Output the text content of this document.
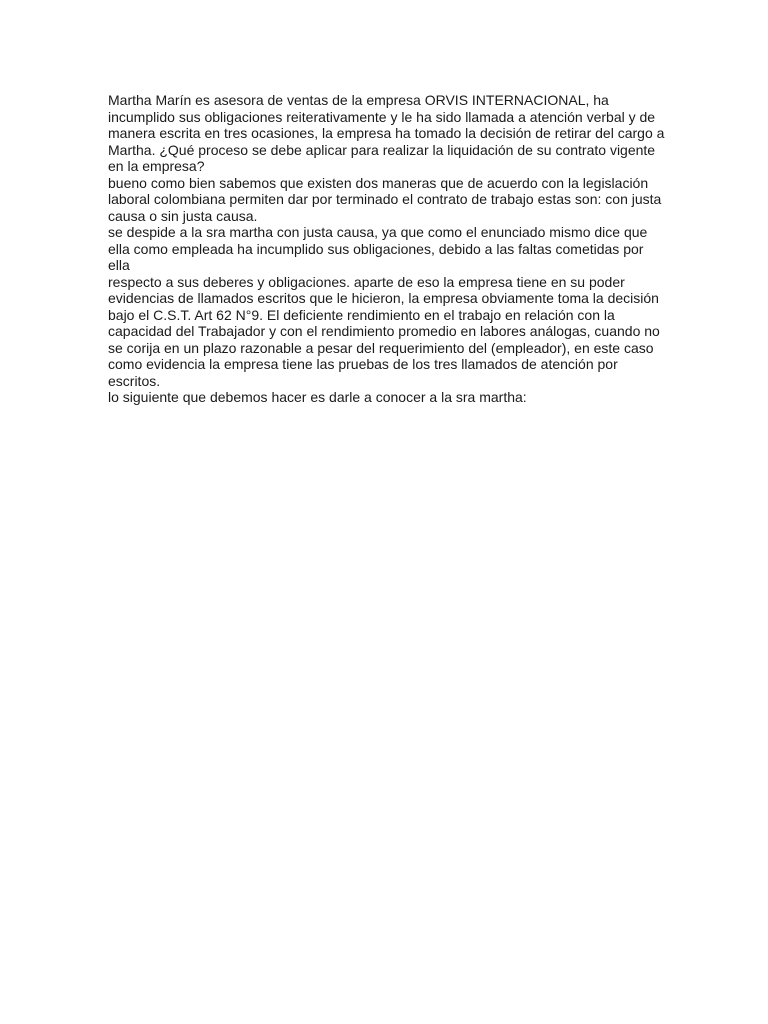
Martha Marín es asesora de ventas de la empresa ORVIS INTERNACIONAL, ha
incumplido sus obligaciones reiterativamente y le ha sido llamada a atención verbal y de
manera escrita en tres ocasiones, la empresa ha tomado la decisión de retirar del cargo a
Martha. ¿Qué proceso se debe aplicar para realizar la liquidación de su contrato vigente
en la empresa?

bueno como bien sabemos que existen dos maneras que de acuerdo con la legislación
laboral colombiana permiten dar por terminado el contrato de trabajo estas son: con justa
causa o sin justa causa.

se despide a la sra martha con justa causa, ya que como el enunciado mismo dice que
ella como empleada ha incumplido sus obligaciones, debido a las faltas cometidas por ella
respecto a sus deberes y obligaciones. aparte de eso la empresa tiene en su poder
evidencias de llamados escritos que le hicieron, la empresa obviamente toma la decisión
bajo el C.S.T. Art 62 N°9. El deficiente rendimiento en el trabajo en relación con la
capacidad del Trabajador y con el rendimiento promedio en labores análogas, cuando no
se corija en un plazo razonable a pesar del requerimiento del (empleador), en este caso
como evidencia la empresa tiene las pruebas de los tres llamados de atención por
escritos.

lo siguiente que debemos hacer es darle a conocer a la sra martha:
